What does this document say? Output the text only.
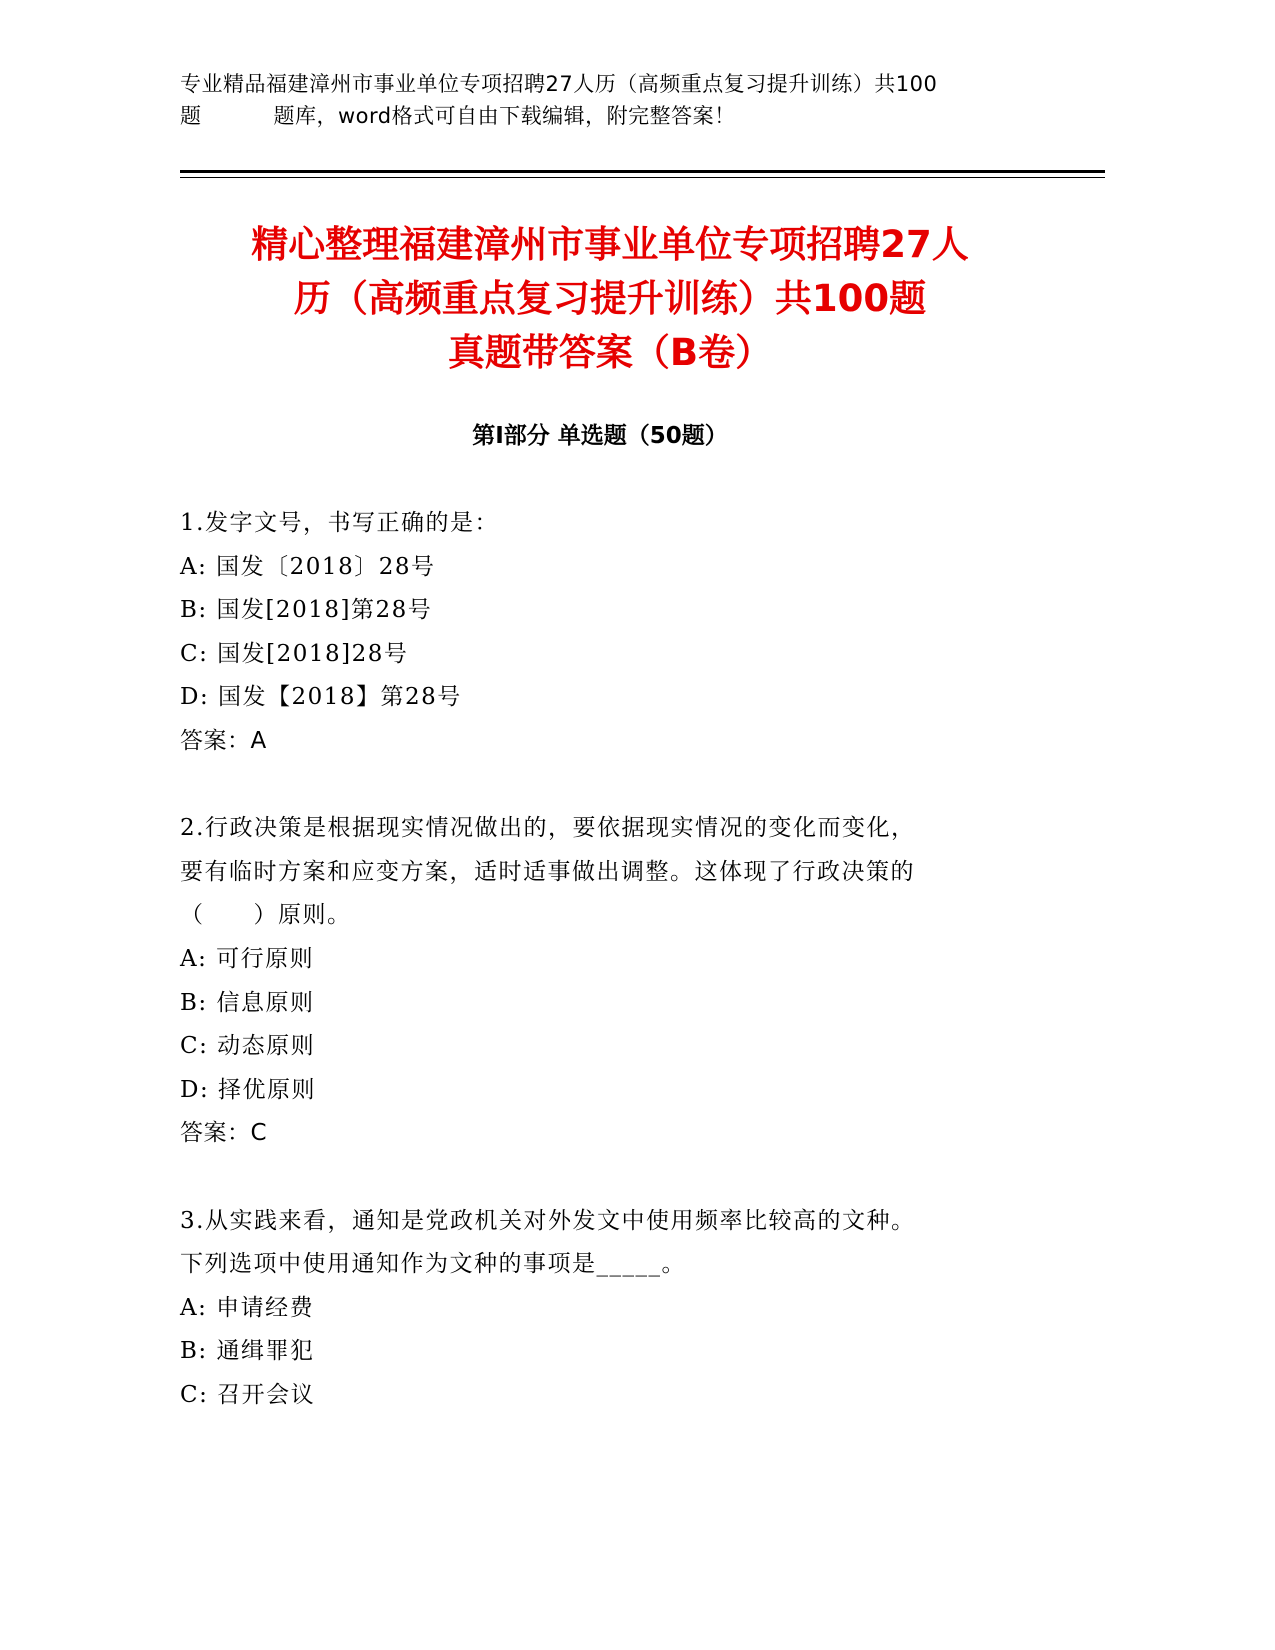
专业精品福建漳州市事业单位专项招聘27人历（高频重点复习提升训练）共100
题	题库，word格式可自由下载编辑，附完整答案！
精心整理福建漳州市事业单位专项招聘27人
历（高频重点复习提升训练）共100题
真题带答案（B卷）
第Ⅰ部分 单选题（50题）
1.发字文号，书写正确的是：
A: 国发〔2018〕28号
B: 国发[2018]第28号
C: 国发[2018]28号
D: 国发【2018】第28号
答案：A
2.行政决策是根据现实情况做出的，要依据现实情况的变化而变化，
要有临时方案和应变方案，适时适事做出调整。这体现了行政决策的
（　　）原则。
A: 可行原则
B: 信息原则
C: 动态原则
D: 择优原则
答案：C
3.从实践来看，通知是党政机关对外发文中使用频率比较高的文种。
下列选项中使用通知作为文种的事项是_____。
A: 申请经费
B: 通缉罪犯
C: 召开会议
